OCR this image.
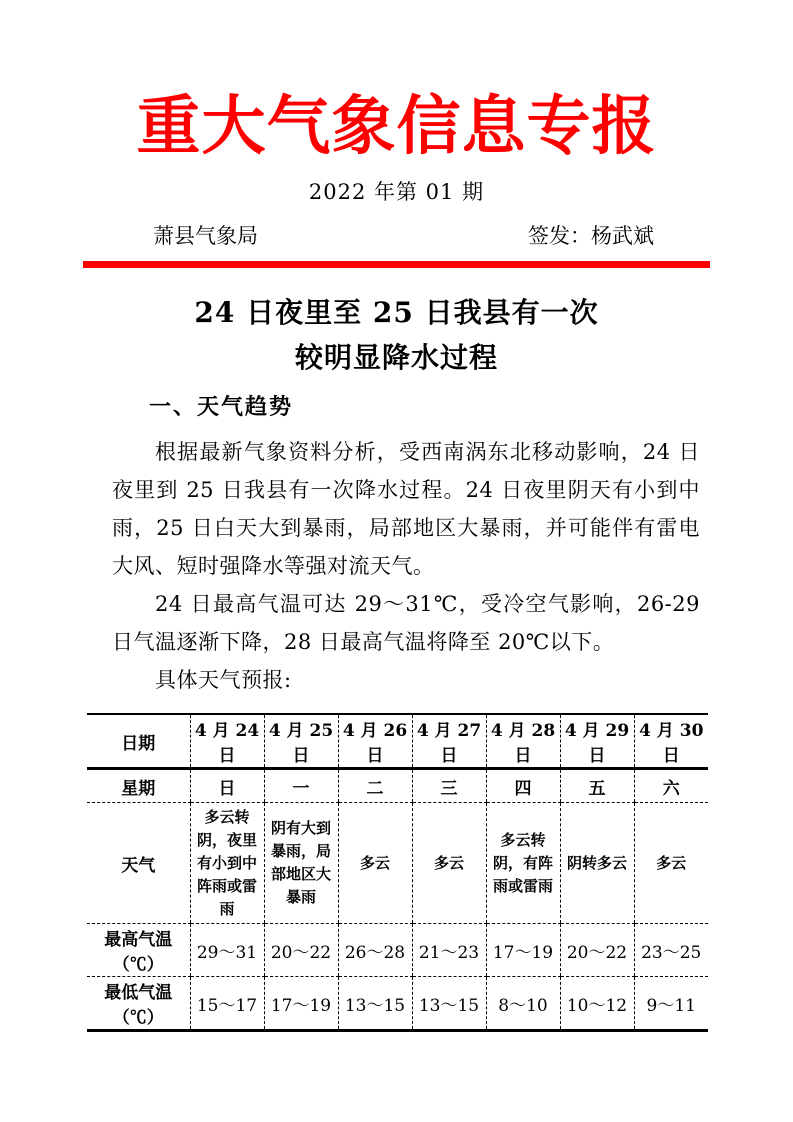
重大气象信息专报
2022 年第 01 期
萧县气象局	签发：杨武斌
24 日夜里至 25 日我县有一次
较明显降水过程
一、天气趋势

根据最新气象资料分析，受西南涡东北移动影响，24 日夜里到 25 日我县有一次降水过程。24 日夜里阴天有小到中雨，25 日白天大到暴雨，局部地区大暴雨，并可能伴有雷电大风、短时强降水等强对流天气。

24 日最高气温可达 29～31℃，受冷空气影响，26-29 日气温逐渐下降，28 日最高气温将降至 20℃以下。

具体天气预报:

日期	4 月 24 日	4 月 25 日	4 月 26 日	4 月 27 日	4 月 28 日	4 月 29 日	4 月 30 日
星期	日	一	二	三	四	五	六
天气	多云转阴，夜里有小到中阵雨或雷雨	阴有大到暴雨，局部地区大暴雨	多云	多云	多云转阴，有阵雨或雷雨	阴转多云	多云
最高气温（℃）	29～31	20～22	26～28	21～23	17～19	20～22	23～25
最低气温（℃）	15～17	17～19	13～15	13～15	8～10	10～12	9～11
